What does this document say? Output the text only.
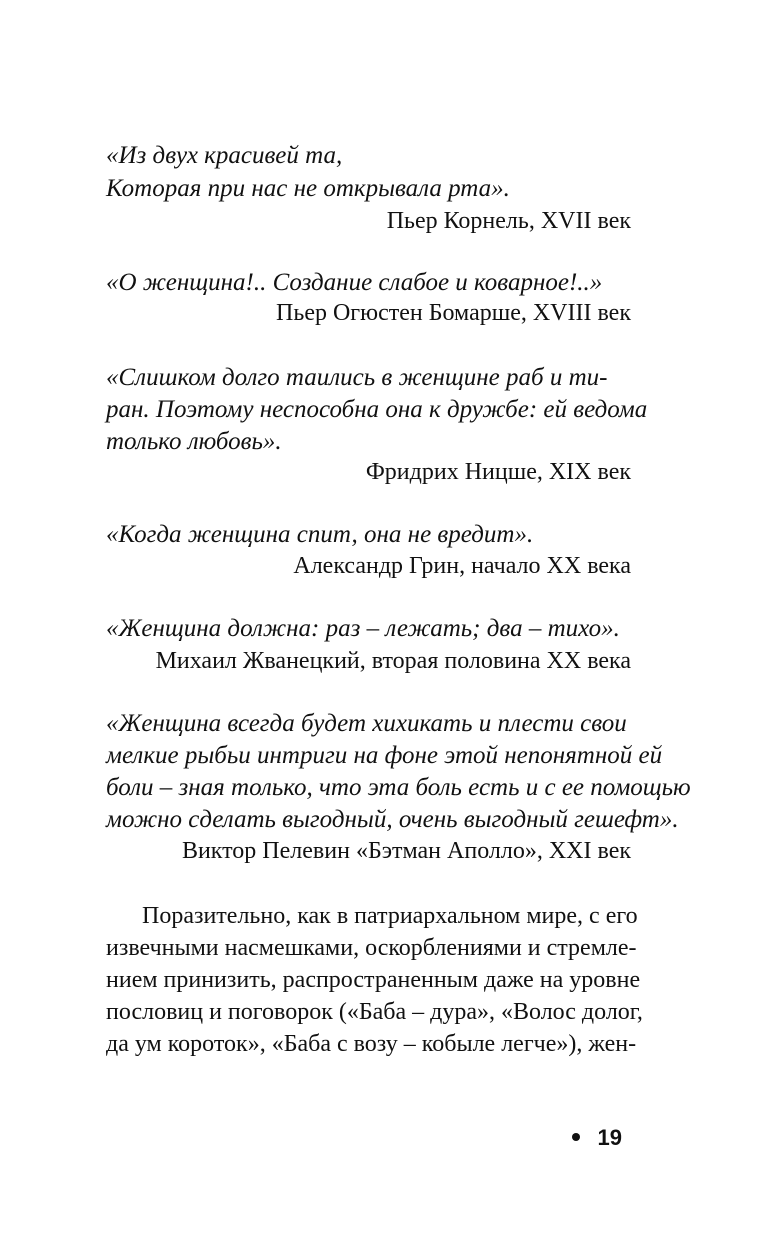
«Из двух красивей та,
Которая при нас не открывала рта».
Пьер Корнель, XVII век
«О женщина!.. Создание слабое и коварное!..»
Пьер Огюстен Бомарше, XVIII век
«Слишком долго таились в женщине раб и ти-
ран. Поэтому неспособна она к дружбе: ей ведома
только любовь».
Фридрих Ницше, XIX век
«Когда женщина спит, она не вредит».
Александр Грин, начало XX века
«Женщина должна: раз – лежать; два – тихо».
Михаил Жванецкий, вторая половина XX века
«Женщина всегда будет хихикать и плести свои
мелкие рыбьи интриги на фоне этой непонятной ей
боли – зная только, что эта боль есть и с ее помощью
можно сделать выгодный, очень выгодный гешефт».
Виктор Пелевин «Бэтман Аполло», XXI век
Поразительно, как в патриархальном мире, с его
извечными насмешками, оскорблениями и стремле-
нием принизить, распространенным даже на уровне
пословиц и поговорок («Баба – дура», «Волос долог,
да ум короток», «Баба с возу – кобыле легче»), жен-
19
